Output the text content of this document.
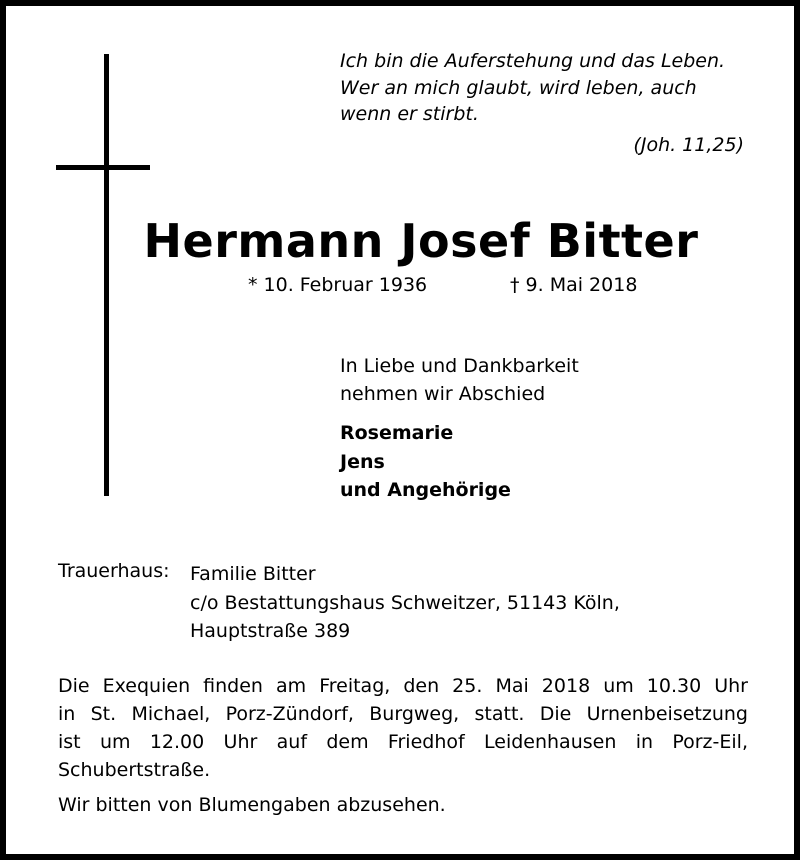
Ich bin die Auferstehung und das Leben.
Wer an mich glaubt, wird leben, auch
wenn er stirbt.
(Joh. 11,25)
Hermann Josef Bitter
* 10. Februar 1936	† 9. Mai 2018
In Liebe und Dankbarkeit
nehmen wir Abschied
Rosemarie
Jens
und Angehörige
Trauerhaus: Familie Bitter
c/o Bestattungshaus Schweitzer, 51143 Köln,
Hauptstraße 389
Die Exequien finden am Freitag, den 25. Mai 2018 um 10.30 Uhr
in St. Michael, Porz-Zündorf, Burgweg, statt. Die Urnenbeisetzung
ist um 12.00 Uhr auf dem Friedhof Leidenhausen in Porz-Eil,
Schubertstraße.
Wir bitten von Blumengaben abzusehen.
